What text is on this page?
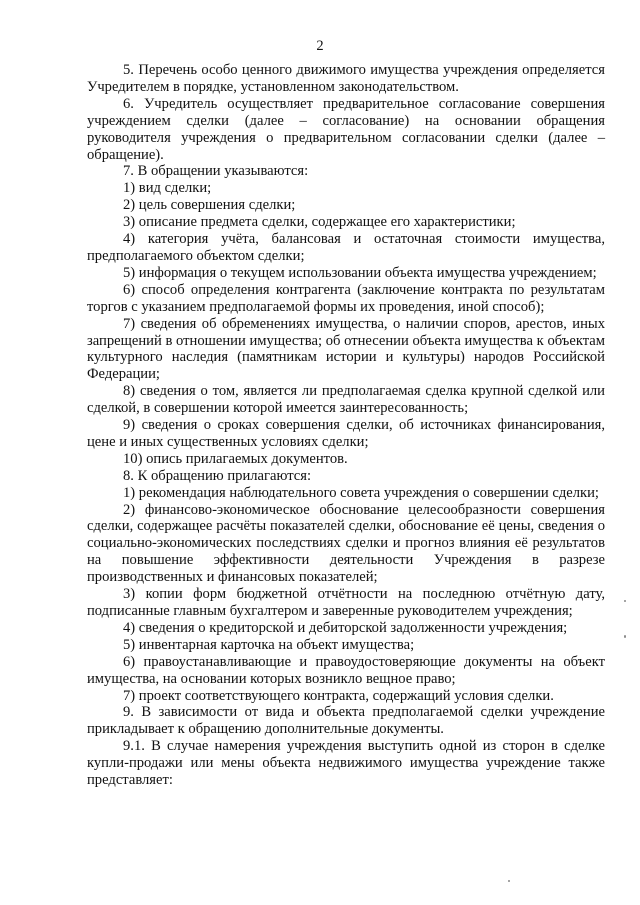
2

5. Перечень особо ценного движимого имущества учреждения определяется Учредителем в порядке, установленном законодательством.

6. Учредитель осуществляет предварительное согласование совершения учреждением сделки (далее – согласование) на основании обращения руководителя учреждения о предварительном согласовании сделки (далее – обращение).

7. В обращении указываются:

1) вид сделки;

2) цель совершения сделки;

3) описание предмета сделки, содержащее его характеристики;

4) категория учёта, балансовая и остаточная стоимости имущества, предполагаемого объектом сделки;

5) информация о текущем использовании объекта имущества учреждением;

6) способ определения контрагента (заключение контракта по результатам торгов с указанием предполагаемой формы их проведения, иной способ);

7) сведения об обременениях имущества, о наличии споров, арестов, иных запрещений в отношении имущества; об отнесении объекта имущества к объектам культурного наследия (памятникам истории и культуры) народов Российской Федерации;

8) сведения о том, является ли предполагаемая сделка крупной сделкой или сделкой, в совершении которой имеется заинтересованность;

9) сведения о сроках совершения сделки, об источниках финансирования, цене и иных существенных условиях сделки;

10) опись прилагаемых документов.

8. К обращению прилагаются:

1) рекомендация наблюдательного совета учреждения о совершении сделки;

2) финансово-экономическое обоснование целесообразности совершения сделки, содержащее расчёты показателей сделки, обоснование её цены, сведения о социально-экономических последствиях сделки и прогноз влияния её результатов на повышение эффективности деятельности Учреждения в разрезе производственных и финансовых показателей;

3) копии форм бюджетной отчётности на последнюю отчётную дату, подписанные главным бухгалтером и заверенные руководителем учреждения;

4) сведения о кредиторской и дебиторской задолженности учреждения;

5) инвентарная карточка на объект имущества;

6) правоустанавливающие и правоудостоверяющие документы на объект имущества, на основании которых возникло вещное право;

7) проект соответствующего контракта, содержащий условия сделки.

9. В зависимости от вида и объекта предполагаемой сделки учреждение прикладывает к обращению дополнительные документы.

9.1. В случае намерения учреждения выступить одной из сторон в сделке купли-продажи или мены объекта недвижимого имущества учреждение также представляет:
